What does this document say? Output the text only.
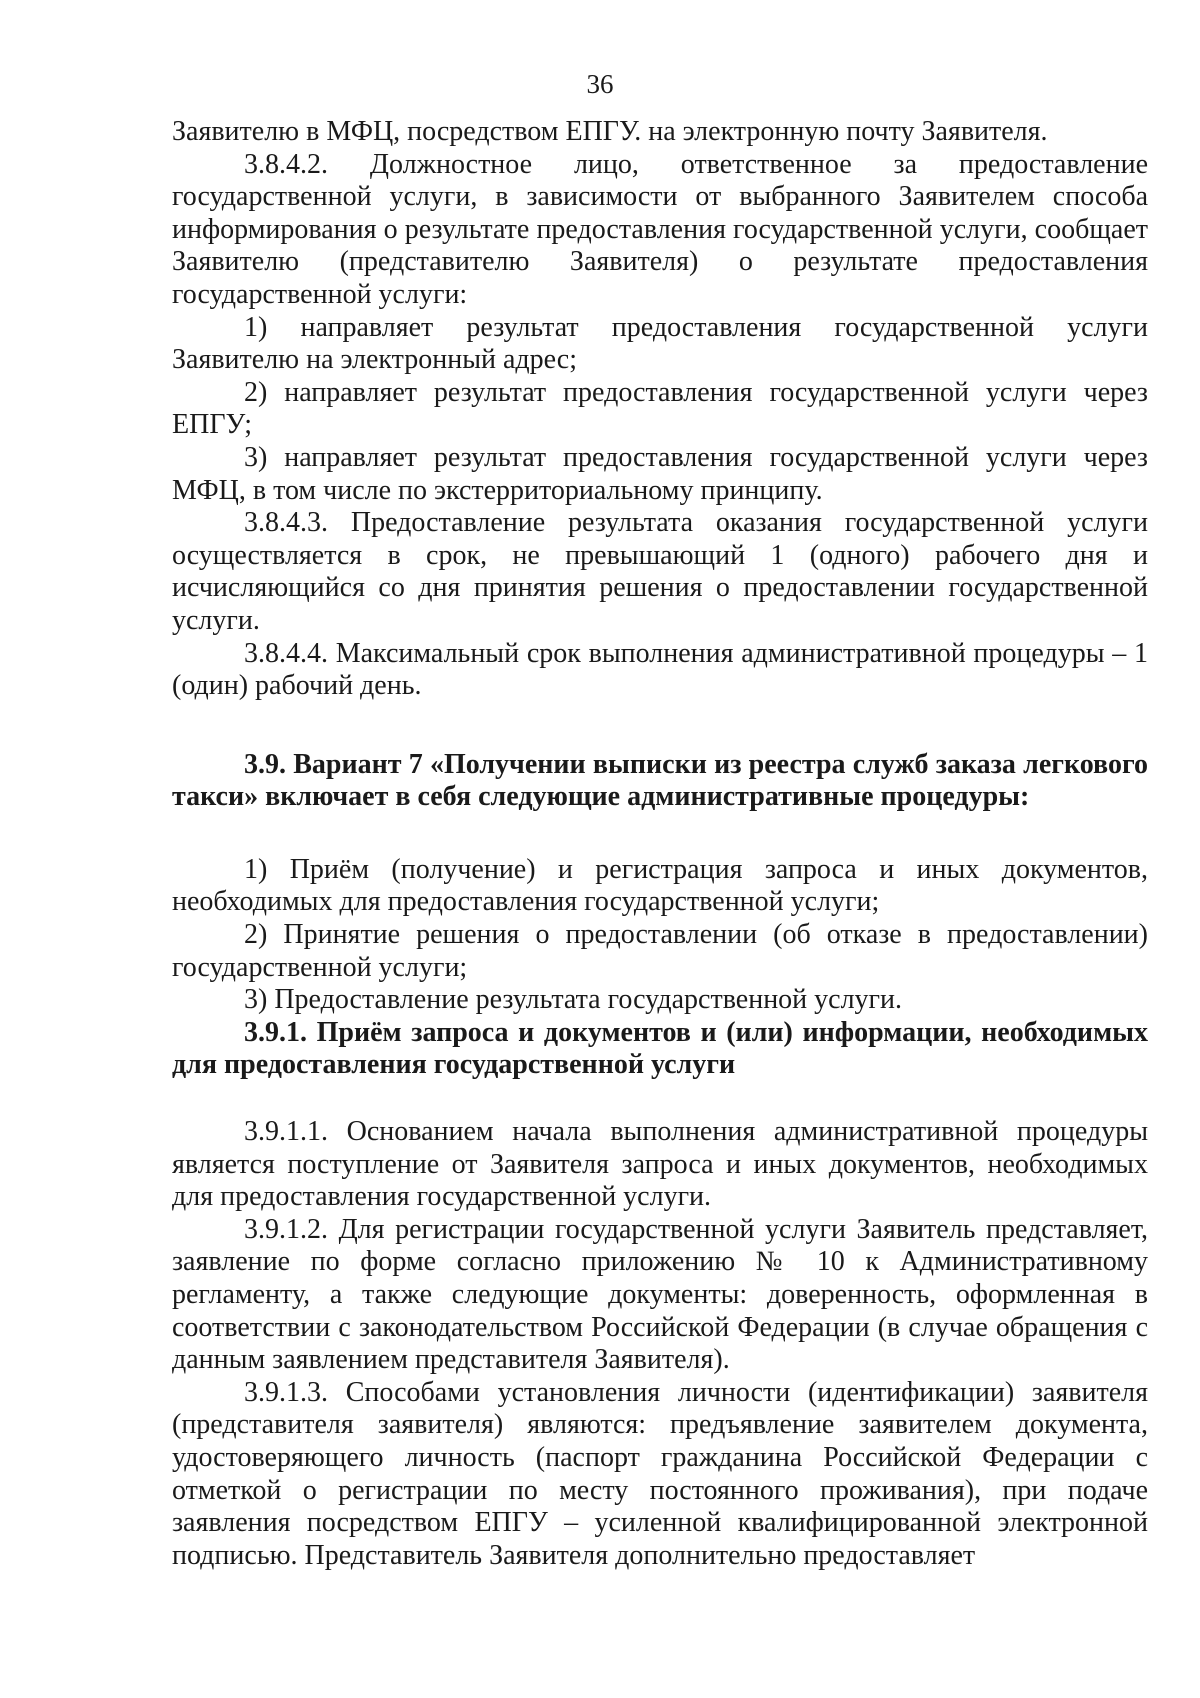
36

Заявителю в МФЦ, посредством ЕПГУ. на электронную почту Заявителя.

3.8.4.2. Должностное лицо, ответственное за предоставление государственной услуги, в зависимости от выбранного Заявителем способа информирования о результате предоставления государственной услуги, сообщает Заявителю (представителю Заявителя) о результате предоставления государственной услуги:

1) направляет результат предоставления государственной услуги Заявителю на электронный адрес;

2) направляет результат предоставления государственной услуги через ЕПГУ;

3) направляет результат предоставления государственной услуги через МФЦ, в том числе по экстерриториальному принципу.

3.8.4.3. Предоставление результата оказания государственной услуги осуществляется в срок, не превышающий 1 (одного) рабочего дня и исчисляющийся со дня принятия решения о предоставлении государственной услуги.

3.8.4.4. Максимальный срок выполнения административной процедуры – 1 (один) рабочий день.

3.9. Вариант 7 «Получении выписки из реестра служб заказа легкового такси» включает в себя следующие административные процедуры:

1) Приём (получение) и регистрация запроса и иных документов, необходимых для предоставления государственной услуги;

2) Принятие решения о предоставлении (об отказе в предоставлении) государственной услуги;

3) Предоставление результата государственной услуги.

3.9.1. Приём запроса и документов и (или) информации, необходимых для предоставления государственной услуги

3.9.1.1. Основанием начала выполнения административной процедуры является поступление от Заявителя запроса и иных документов, необходимых для предоставления государственной услуги.

3.9.1.2. Для регистрации государственной услуги Заявитель представляет, заявление по форме согласно приложению № 10 к Административному регламенту, а также следующие документы: доверенность, оформленная в соответствии с законодательством Российской Федерации (в случае обращения с данным заявлением представителя Заявителя).

3.9.1.3. Способами установления личности (идентификации) заявителя (представителя заявителя) являются: предъявление заявителем документа, удостоверяющего личность (паспорт гражданина Российской Федерации с отметкой о регистрации по месту постоянного проживания), при подаче заявления посредством ЕПГУ – усиленной квалифицированной электронной подписью. Представитель Заявителя дополнительно предоставляет
